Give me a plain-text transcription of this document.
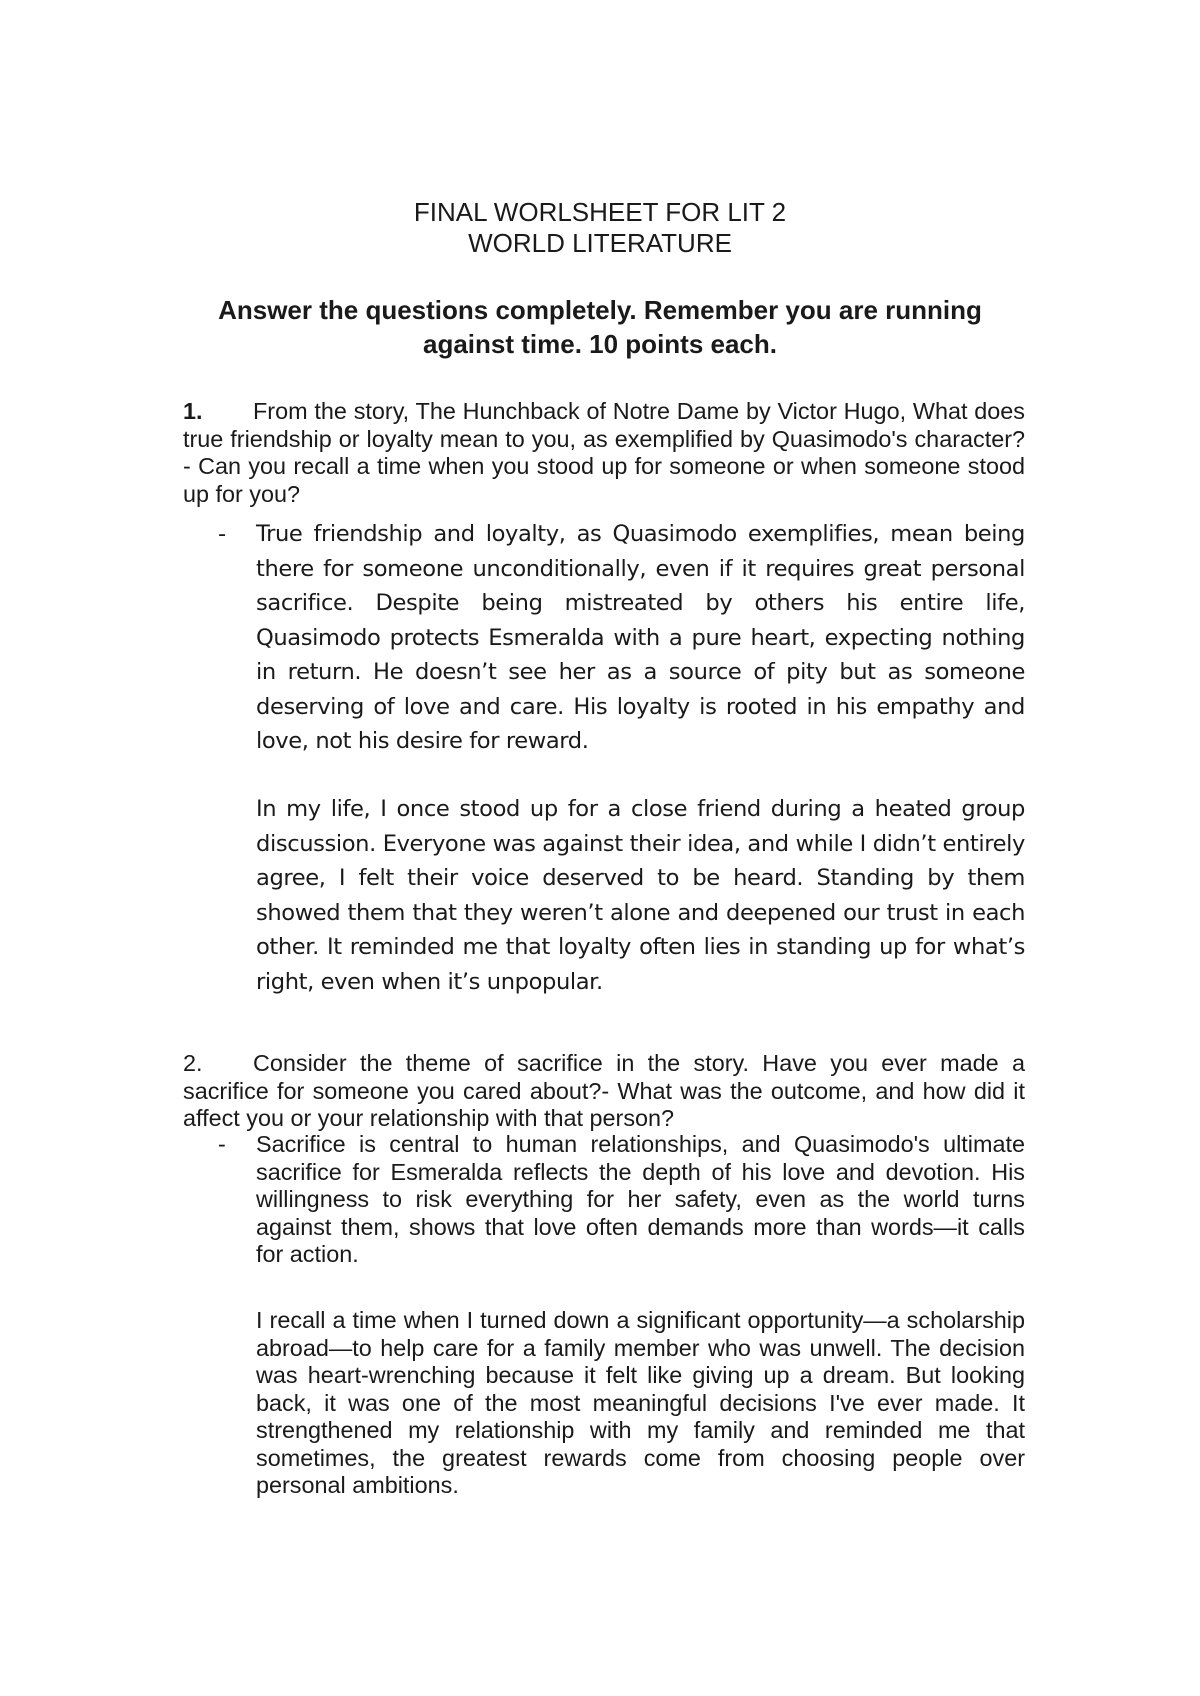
FINAL WORLSHEET FOR LIT 2
WORLD LITERATURE
Answer the questions completely. Remember you are running against time. 10 points each.
1. From the story, The Hunchback of Notre Dame by Victor Hugo, What does true friendship or loyalty mean to you, as exemplified by Quasimodo's character? - Can you recall a time when you stood up for someone or when someone stood up for you?
- True friendship and loyalty, as Quasimodo exemplifies, mean being there for someone unconditionally, even if it requires great personal sacrifice. Despite being mistreated by others his entire life, Quasimodo protects Esmeralda with a pure heart, expecting nothing in return. He doesn’t see her as a source of pity but as someone deserving of love and care. His loyalty is rooted in his empathy and love, not his desire for reward.

In my life, I once stood up for a close friend during a heated group discussion. Everyone was against their idea, and while I didn’t entirely agree, I felt their voice deserved to be heard. Standing by them showed them that they weren’t alone and deepened our trust in each other. It reminded me that loyalty often lies in standing up for what’s right, even when it’s unpopular.

2. Consider the theme of sacrifice in the story. Have you ever made a sacrifice for someone you cared about?- What was the outcome, and how did it affect you or your relationship with that person?
- Sacrifice is central to human relationships, and Quasimodo's ultimate sacrifice for Esmeralda reflects the depth of his love and devotion. His willingness to risk everything for her safety, even as the world turns against them, shows that love often demands more than words—it calls for action.

I recall a time when I turned down a significant opportunity—a scholarship abroad—to help care for a family member who was unwell. The decision was heart-wrenching because it felt like giving up a dream. But looking back, it was one of the most meaningful decisions I've ever made. It strengthened my relationship with my family and reminded me that sometimes, the greatest rewards come from choosing people over personal ambitions.
